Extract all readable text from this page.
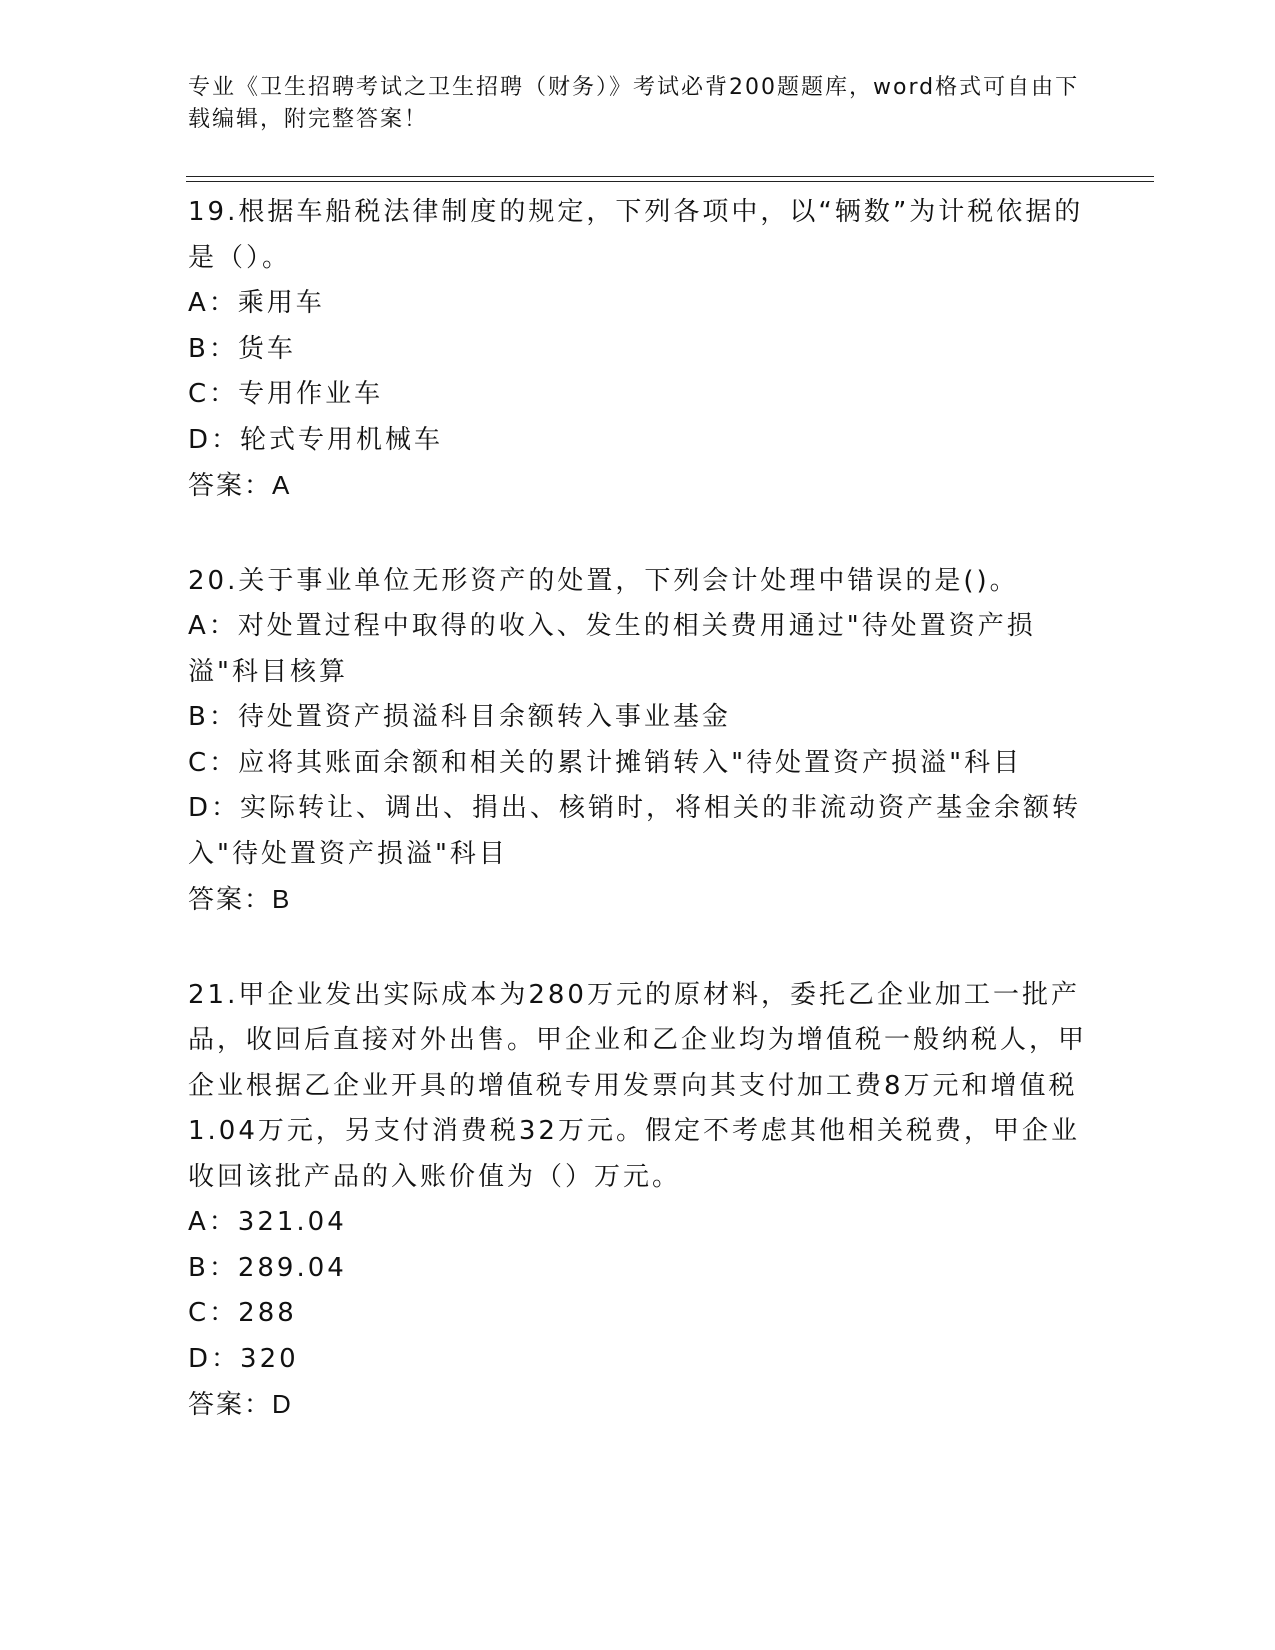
专业《卫生招聘考试之卫生招聘（财务）》考试必背200题题库，word格式可自由下载编辑，附完整答案！
19.根据车船税法律制度的规定，下列各项中，以“辆数”为计税依据的是（）。
A：乘用车
B：货车
C：专用作业车
D：轮式专用机械车
答案：A
20.关于事业单位无形资产的处置，下列会计处理中错误的是()。
A：对处置过程中取得的收入、发生的相关费用通过"待处置资产损溢"科目核算
B：待处置资产损溢科目余额转入事业基金
C：应将其账面余额和相关的累计摊销转入"待处置资产损溢"科目
D：实际转让、调出、捐出、核销时，将相关的非流动资产基金余额转入"待处置资产损溢"科目
答案：B
21.甲企业发出实际成本为280万元的原材料，委托乙企业加工一批产品，收回后直接对外出售。甲企业和乙企业均为增值税一般纳税人，甲企业根据乙企业开具的增值税专用发票向其支付加工费8万元和增值税1.04万元，另支付消费税32万元。假定不考虑其他相关税费，甲企业收回该批产品的入账价值为（）万元。
A：321.04
B：289.04
C：288
D：320
答案：D
